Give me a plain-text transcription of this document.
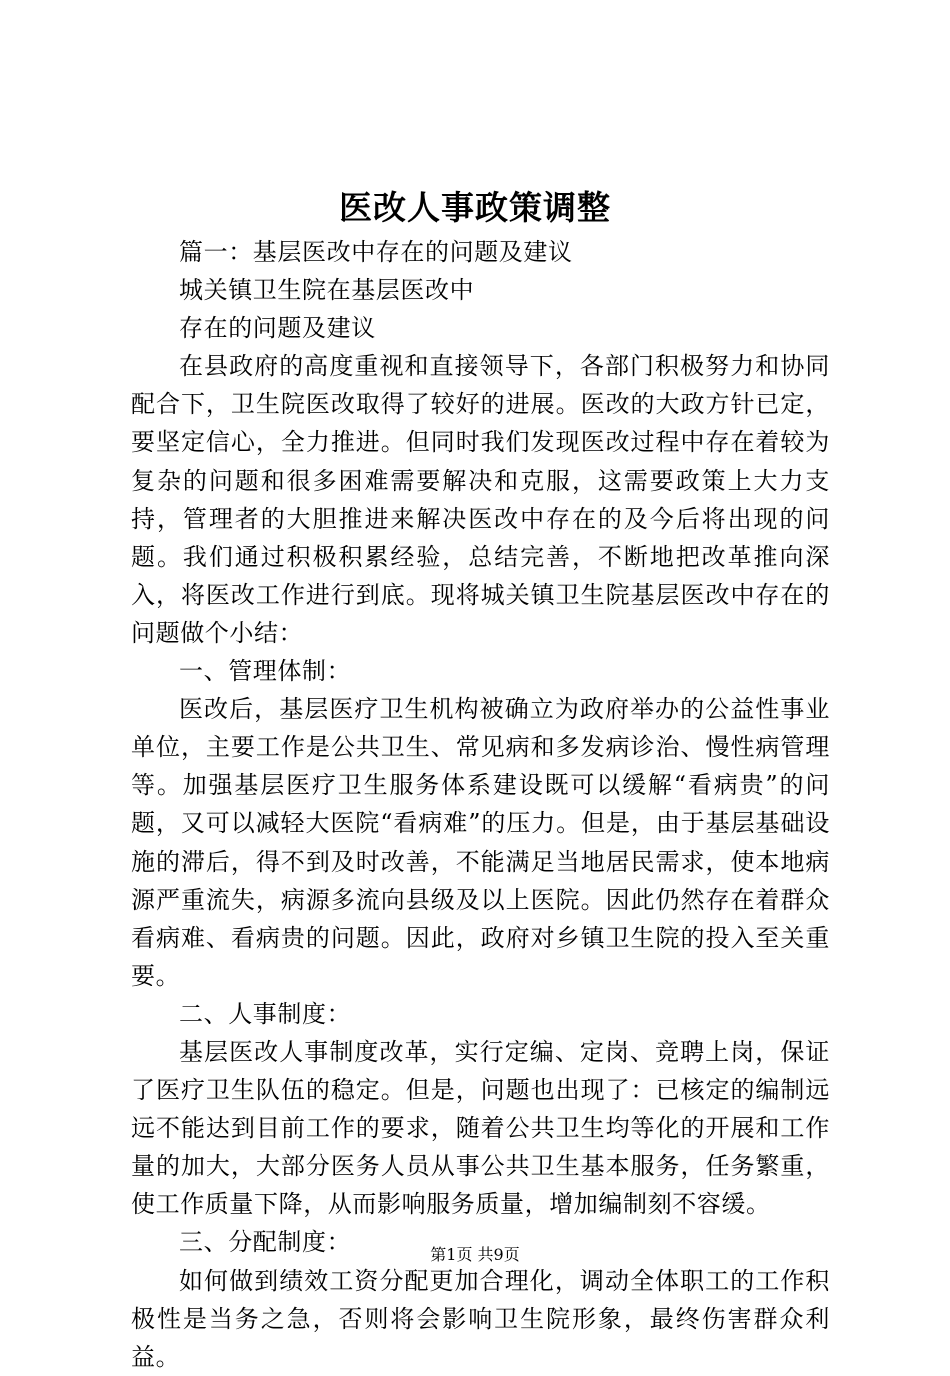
医改人事政策调整

篇一：基层医改中存在的问题及建议

城关镇卫生院在基层医改中

存在的问题及建议

在县政府的高度重视和直接领导下，各部门积极努力和协同配合下，卫生院医改取得了较好的进展。医改的大政方针已定，要坚定信心，全力推进。但同时我们发现医改过程中存在着较为复杂的问题和很多困难需要解决和克服，这需要政策上大力支持，管理者的大胆推进来解决医改中存在的及今后将出现的问题。我们通过积极积累经验，总结完善，不断地把改革推向深入，将医改工作进行到底。现将城关镇卫生院基层医改中存在的问题做个小结：

一、管理体制：

医改后，基层医疗卫生机构被确立为政府举办的公益性事业单位，主要工作是公共卫生、常见病和多发病诊治、慢性病管理等。加强基层医疗卫生服务体系建设既可以缓解“看病贵”的问题，又可以减轻大医院“看病难”的压力。但是，由于基层基础设施的滞后，得不到及时改善，不能满足当地居民需求，使本地病源严重流失，病源多流向县级及以上医院。因此仍然存在着群众看病难、看病贵的问题。因此，政府对乡镇卫生院的投入至关重要。

二、人事制度：

基层医改人事制度改革，实行定编、定岗、竞聘上岗，保证了医疗卫生队伍的稳定。但是，问题也出现了：已核定的编制远远不能达到目前工作的要求，随着公共卫生均等化的开展和工作量的加大，大部分医务人员从事公共卫生基本服务，任务繁重，使工作质量下降，从而影响服务质量，增加编制刻不容缓。

三、分配制度：

如何做到绩效工资分配更加合理化，调动全体职工的工作积极性是当务之急，否则将会影响卫生院形象，最终伤害群众利益。

第1页 共9页
